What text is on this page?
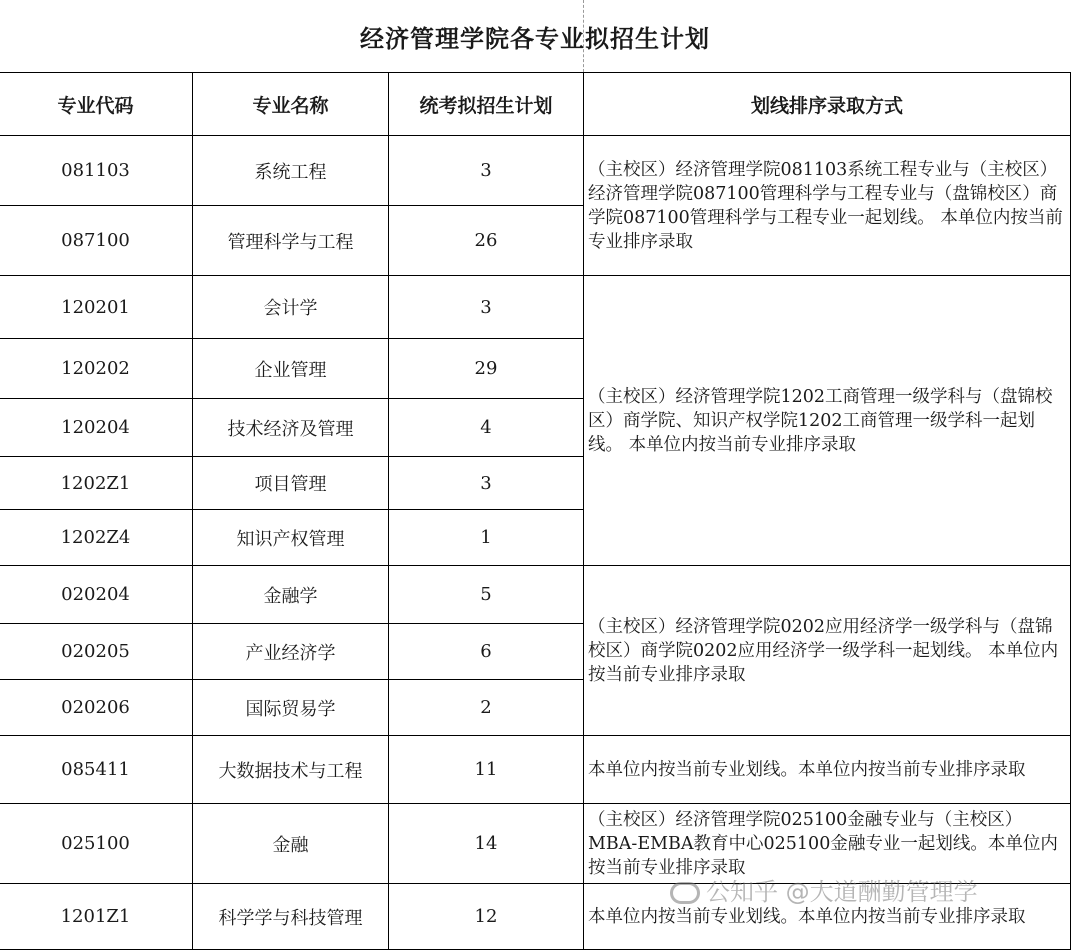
经济管理学院各专业拟招生计划
专业代码	专业名称	统考拟招生计划	划线排序录取方式
081103	系统工程	3	（主校区）经济管理学院081103系统工程专业与（主校区）经济管理学院087100管理科学与工程专业与（盘锦校区）商学院087100管理科学与工程专业一起划线。 本单位内按当前专业排序录取
087100	管理科学与工程	26	
120201	会计学	3	（主校区）经济管理学院1202工商管理一级学科与（盘锦校区）商学院、知识产权学院1202工商管理一级学科一起划线。 本单位内按当前专业排序录取
120202	企业管理	29	
120204	技术经济及管理	4	
1202Z1	项目管理	3	
1202Z4	知识产权管理	1	
020204	金融学	5	（主校区）经济管理学院0202应用经济学一级学科与（盘锦校区）商学院0202应用经济学一级学科一起划线。 本单位内按当前专业排序录取
020205	产业经济学	6	
020206	国际贸易学	2	
085411	大数据技术与工程	11	本单位内按当前专业划线。本单位内按当前专业排序录取
025100	金融	14	（主校区）经济管理学院025100金融专业与（主校区）MBA-EMBA教育中心025100金融专业一起划线。本单位内按当前专业排序录取
1201Z1	科学学与科技管理	12	本单位内按当前专业划线。本单位内按当前专业排序录取
公知乎 @大道酬勤管理学
